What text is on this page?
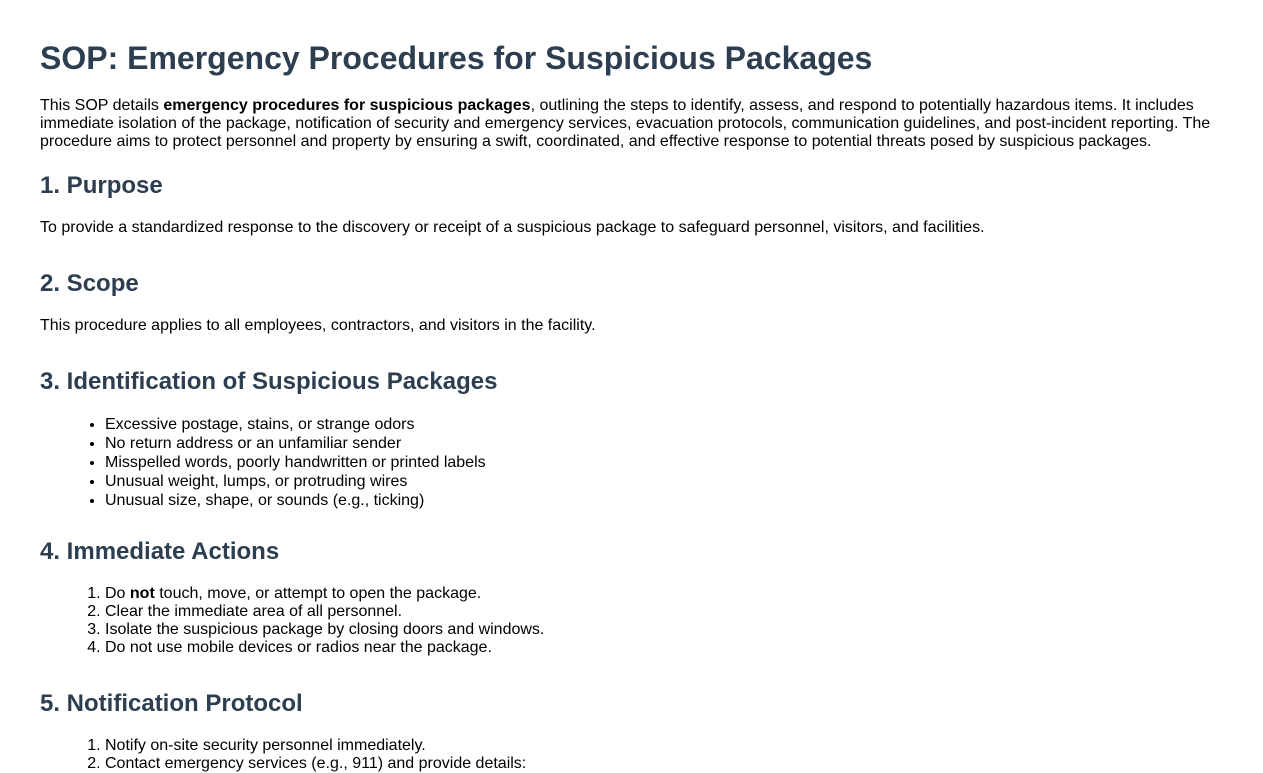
SOP: Emergency Procedures for Suspicious Packages

This SOP details emergency procedures for suspicious packages, outlining the steps to identify, assess, and respond to potentially hazardous items. It includes immediate isolation of the package, notification of security and emergency services, evacuation protocols, communication guidelines, and post-incident reporting. The procedure aims to protect personnel and property by ensuring a swift, coordinated, and effective response to potential threats posed by suspicious packages.

1. Purpose

To provide a standardized response to the discovery or receipt of a suspicious package to safeguard personnel, visitors, and facilities.

2. Scope

This procedure applies to all employees, contractors, and visitors in the facility.

3. Identification of Suspicious Packages
• Excessive postage, stains, or strange odors
• No return address or an unfamiliar sender
• Misspelled words, poorly handwritten or printed labels
• Unusual weight, lumps, or protruding wires
• Unusual size, shape, or sounds (e.g., ticking)
4. Immediate Actions
1. Do not touch, move, or attempt to open the package.
2. Clear the immediate area of all personnel.
3. Isolate the suspicious package by closing doors and windows.
4. Do not use mobile devices or radios near the package.
5. Notification Protocol
1. Notify on-site security personnel immediately.
2. Contact emergency services (e.g., 911) and provide details:
